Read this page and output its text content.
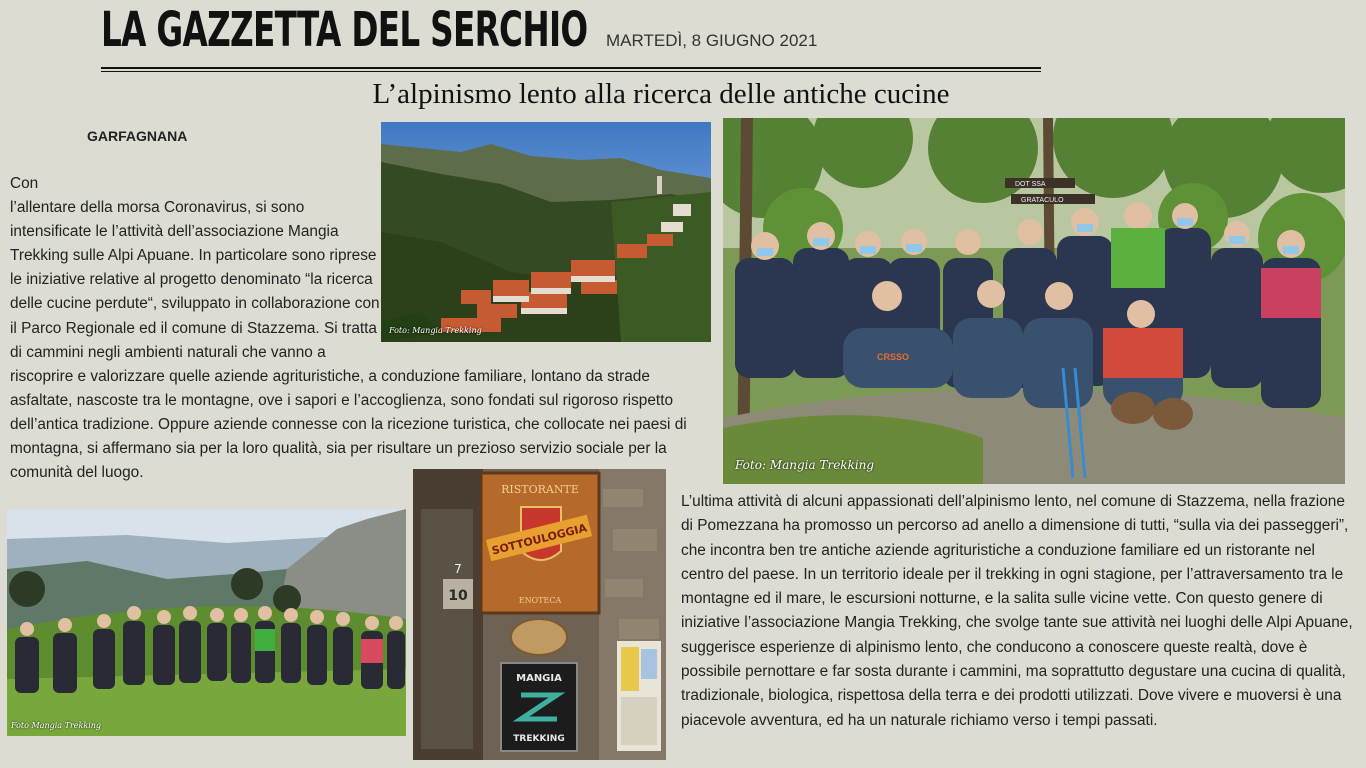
LA GAZZETTA DEL SERCHIO MARTEDÌ, 8 GIUGNO 2021
L’alpinismo lento alla ricerca delle antiche cucine
GARFAGNANA

Con l’allentare della morsa Coronavirus, si sono intensificate le l’attività dell’associazione Mangia Trekking sulle Alpi Apuane. In particolare sono riprese le iniziative relative al progetto denominato “la ricerca delle cucine perdute“, sviluppato in collaborazione con il Parco Regionale ed il comune di Stazzema. Si tratta di cammini negli ambienti naturali che vanno a riscoprire e valorizzare quelle aziende agrituristiche, a conduzione familiare, lontano da strade asfaltate, nascoste tra le montagne, ove i sapori e l’accoglienza, sono fondati sul rigoroso rispetto dell’antica tradizione. Oppure aziende connesse con la ricezione turistica, che collocate nei paesi di montagna, si affermano sia per la loro qualità, sia per risultare un prezioso servizio sociale per la comunità del luogo.

L’ultima attività di alcuni appassionati dell’alpinismo lento, nel comune di Stazzema, nella frazione di Pomezzana ha promosso un percorso ad anello a dimensione di tutti, “sulla via dei passeggeri”, che incontra ben tre antiche aziende agrituristiche a conduzione familiare ed un ristorante nel centro del paese. In un territorio ideale per il trekking in ogni stagione, per l’attraversamento tra le montagne ed il mare, le escursioni notturne, e la salita sulle vicine vette. Con questo genere di iniziative l’associazione Mangia Trekking, che svolge tante sue attività nei luoghi delle Alpi Apuane, suggerisce esperienze di alpinismo lento, che conducono a conoscere queste realtà, dove è possibile pernottare e far sosta durante i cammini, ma soprattutto degustare una cucina di qualità, tradizionale, biologica, rispettosa della terra e dei prodotti utilizzati. Dove vivere e muoversi è una piacevole avventura, ed ha un naturale richiamo verso i tempi passati.

Foto: Mangia Trekking
DOT SSA
GRATACULO
CRSSO
Foto: Mangia Trekking
Foto Mangia Trekking
RISTORANTE
SOTTOULOGGIA
ENOTECA
7
10
MANGIA
TREKKING
